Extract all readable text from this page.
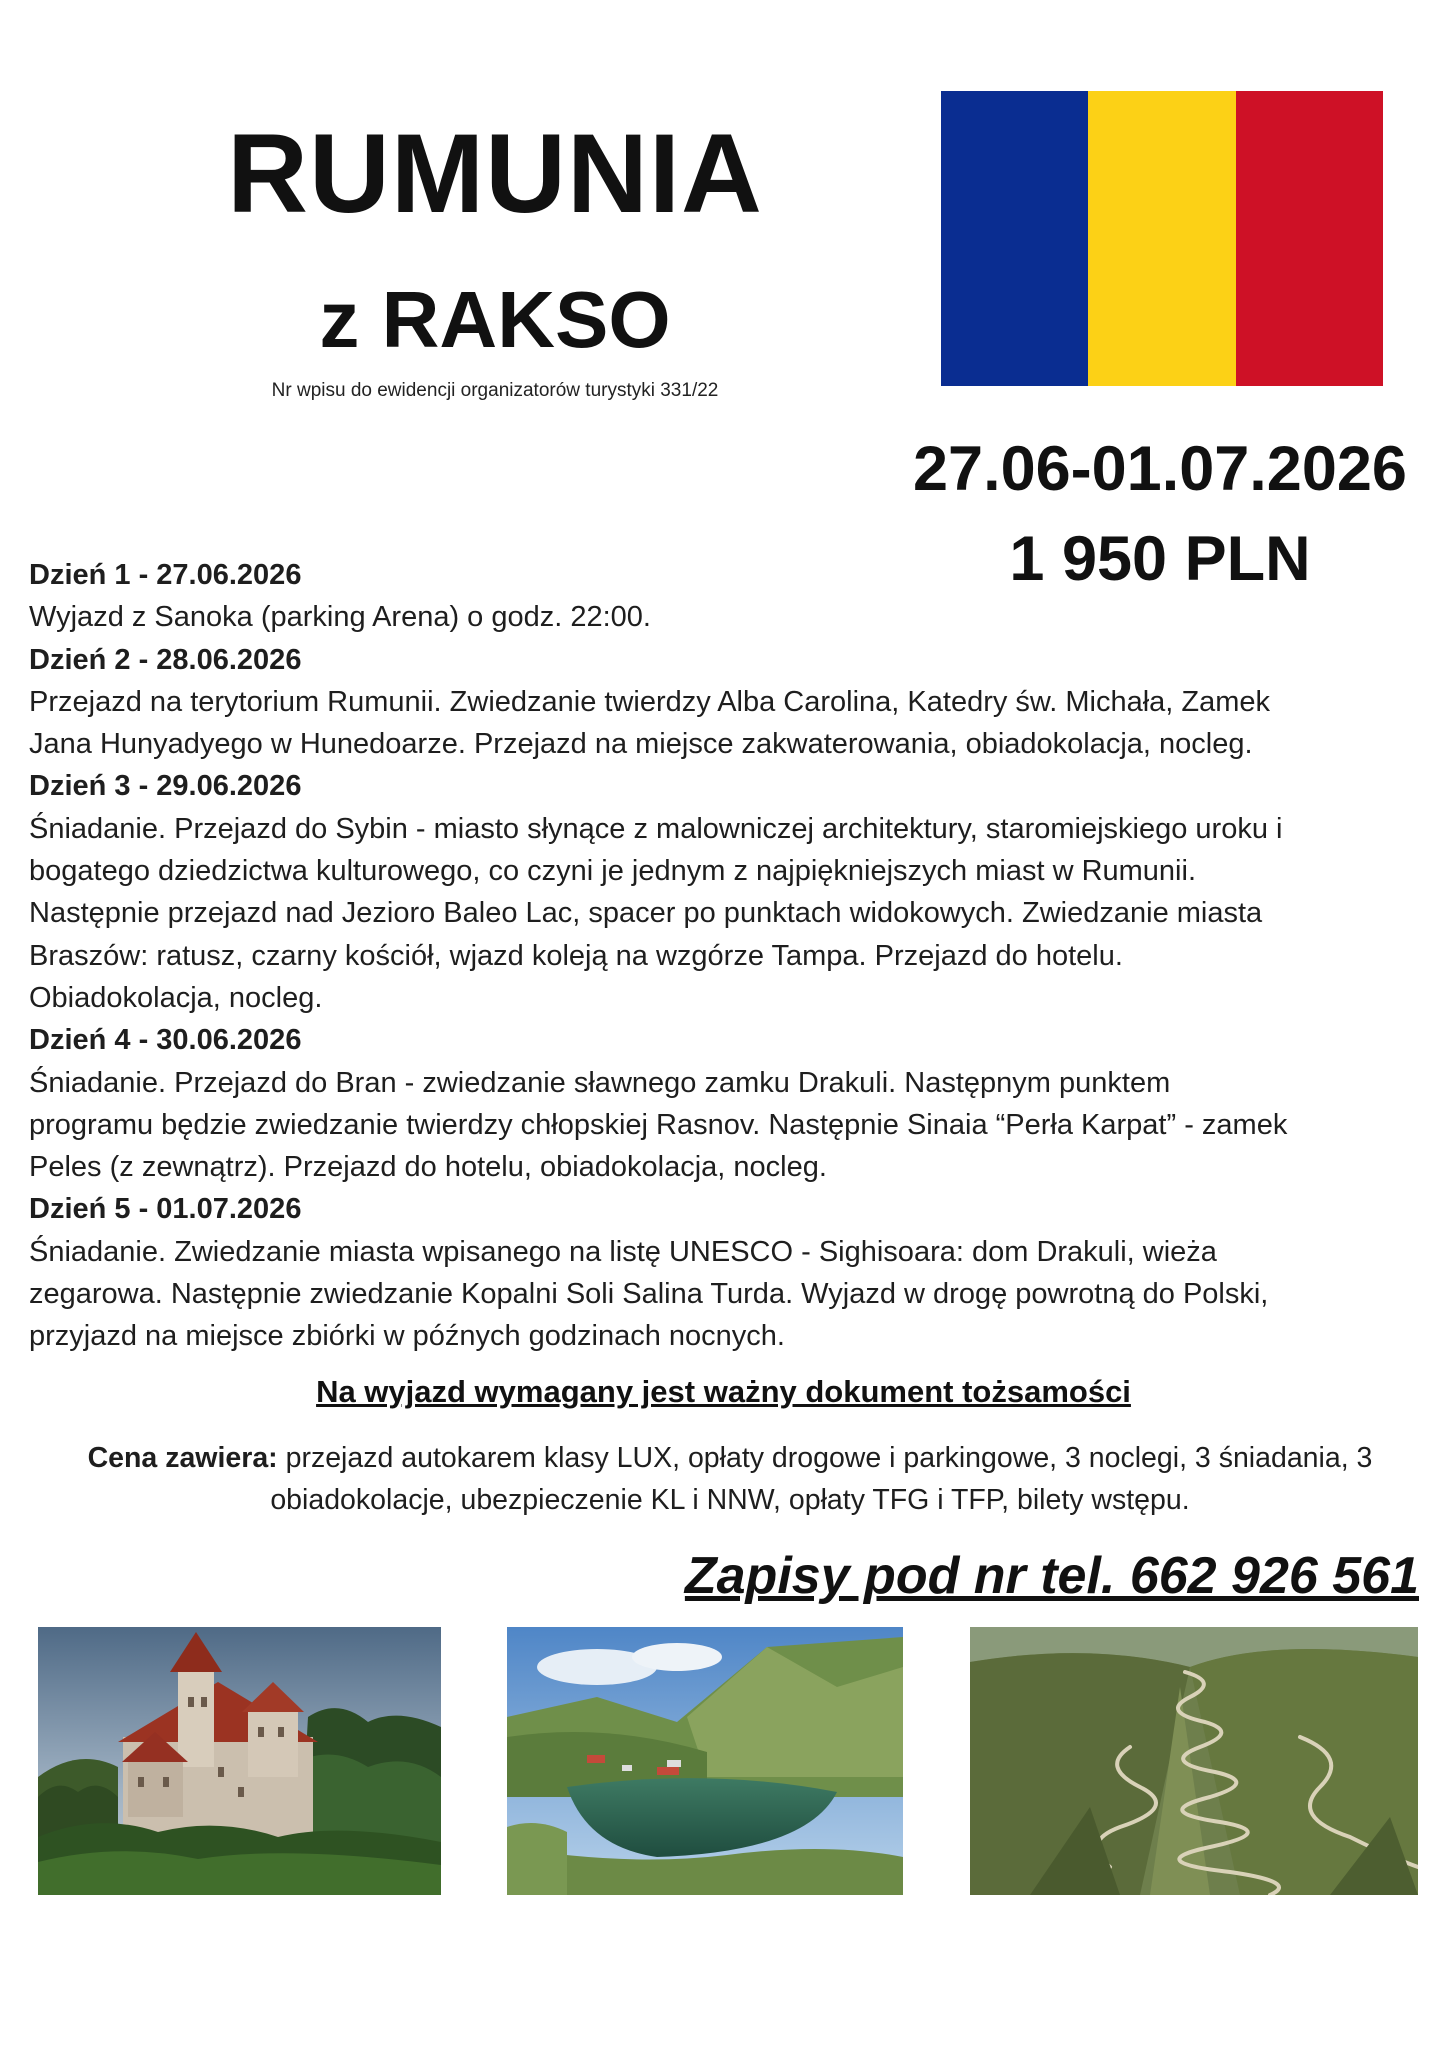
RUMUNIA
z RAKSO
Nr wpisu do ewidencji organizatorów turystyki 331/22
27.06-01.07.2026
1 950 PLN
Dzień 1 - 27.06.2026
Wyjazd z Sanoka (parking Arena) o godz. 22:00.
Dzień 2 - 28.06.2026
Przejazd na terytorium Rumunii. Zwiedzanie twierdzy Alba Carolina, Katedry św. Michała, Zamek
Jana Hunyadyego w Hunedoarze. Przejazd na miejsce zakwaterowania, obiadokolacja, nocleg.
Dzień 3 - 29.06.2026
Śniadanie. Przejazd do Sybin - miasto słynące z malowniczej architektury, staromiejskiego uroku i
bogatego dziedzictwa kulturowego, co czyni je jednym z najpiękniejszych miast w Rumunii.
Następnie przejazd nad Jezioro Baleo Lac, spacer po punktach widokowych. Zwiedzanie miasta
Braszów: ratusz, czarny kościół, wjazd koleją na wzgórze Tampa. Przejazd do hotelu.
Obiadokolacja, nocleg.
Dzień 4 - 30.06.2026
Śniadanie. Przejazd do Bran - zwiedzanie sławnego zamku Drakuli. Następnym punktem
programu będzie zwiedzanie twierdzy chłopskiej Rasnov. Następnie Sinaia “Perła Karpat” - zamek
Peles (z zewnątrz). Przejazd do hotelu, obiadokolacja, nocleg.
Dzień 5 - 01.07.2026
Śniadanie. Zwiedzanie miasta wpisanego na listę UNESCO - Sighisoara: dom Drakuli, wieża
zegarowa. Następnie zwiedzanie Kopalni Soli Salina Turda. Wyjazd w drogę powrotną do Polski,
przyjazd na miejsce zbiórki w późnych godzinach nocnych.
Na wyjazd wymagany jest ważny dokument tożsamości
Cena zawiera: przejazd autokarem klasy LUX, opłaty drogowe i parkingowe, 3 noclegi, 3 śniadania, 3
obiadokolacje, ubezpieczenie KL i NNW, opłaty TFG i TFP, bilety wstępu.
Zapisy pod nr tel. 662 926 561
